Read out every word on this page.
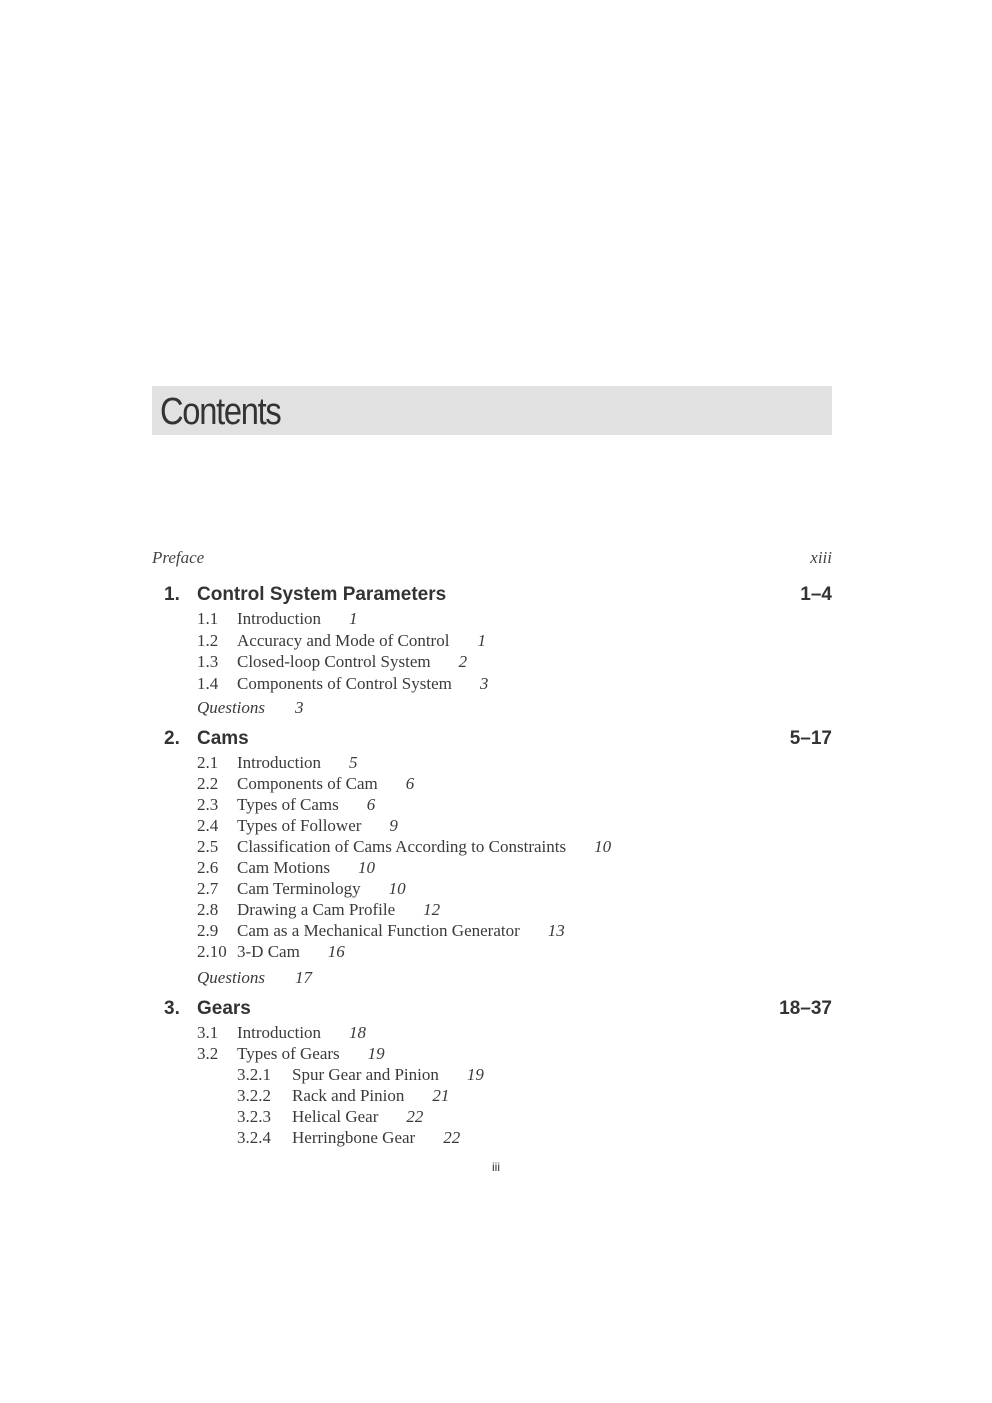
Contents
Preface	xiii
1. Control System Parameters	1–4
1.1 Introduction 1
1.2 Accuracy and Mode of Control 1
1.3 Closed-loop Control System 2
1.4 Components of Control System 3
Questions 3
2. Cams	5–17
2.1 Introduction 5
2.2 Components of Cam 6
2.3 Types of Cams 6
2.4 Types of Follower 9
2.5 Classification of Cams According to Constraints 10
2.6 Cam Motions 10
2.7 Cam Terminology 10
2.8 Drawing a Cam Profile 12
2.9 Cam as a Mechanical Function Generator 13
2.10 3-D Cam 16
Questions 17
3. Gears	18–37
3.1 Introduction 18
3.2 Types of Gears 19
3.2.1 Spur Gear and Pinion 19
3.2.2 Rack and Pinion 21
3.2.3 Helical Gear 22
3.2.4 Herringbone Gear 22
iii
